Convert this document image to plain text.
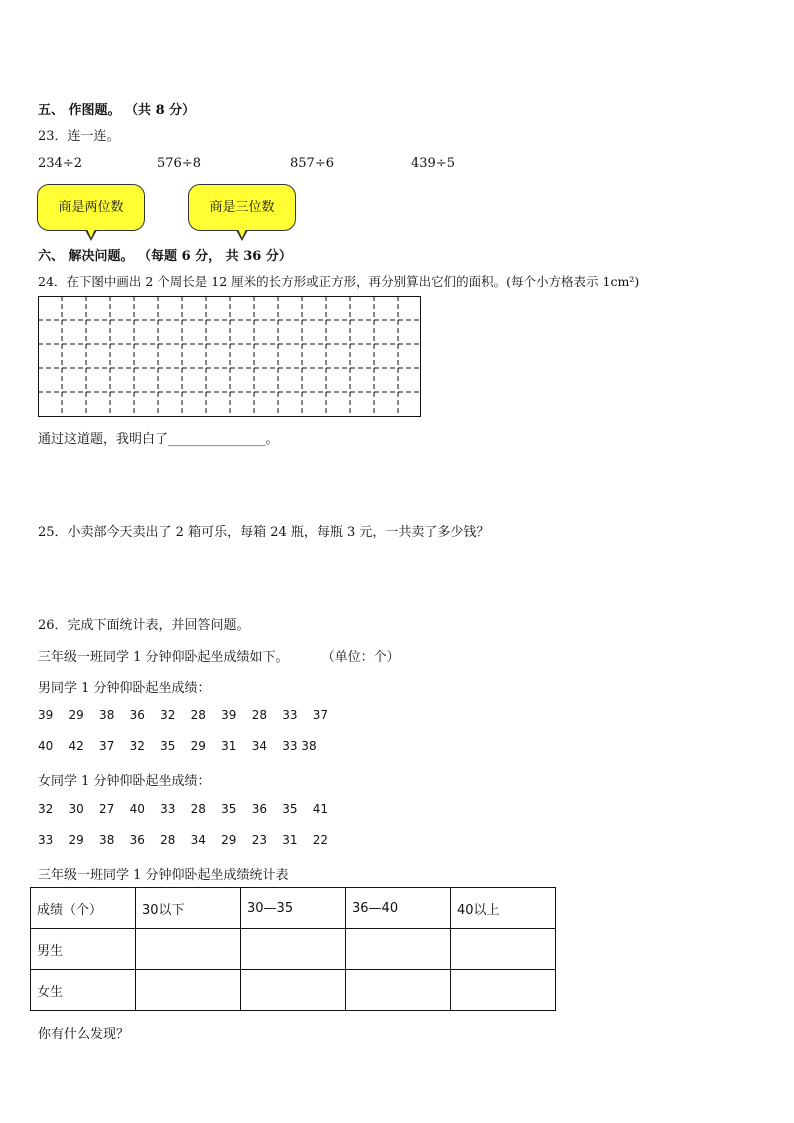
五、 作图题。 （共 8 分）
23．连一连。
234÷2	576÷8	857÷6	439÷5
商是两位数	商是三位数
六、 解决问题。 （每题 6 分， 共 36 分）
24．在下图中画出 2 个周长是 12 厘米的长方形或正方形，再分别算出它们的面积。(每个小方格表示 1cm²)
通过这道题，我明白了_______________。
25．小卖部今天卖出了 2 箱可乐，每箱 24 瓶，每瓶 3 元，一共卖了多少钱？
26．完成下面统计表，并回答问题。
三年级一班同学 1 分钟仰卧起坐成绩如下。        （单位：个）
男同学 1 分钟仰卧起坐成绩：
39    29    38    36    32    28    39    28    33    37
40    42    37    32    35    29    31    34    33 38
女同学 1 分钟仰卧起坐成绩：
32    30    27    40    33    28    35    36    35    41
33    29    38    36    28    34    29    23    31    22
三年级一班同学 1 分钟仰卧起坐成绩统计表
成绩（个）	30以下	30—35	36—40	40以上
男生				
女生				
你有什么发现？
